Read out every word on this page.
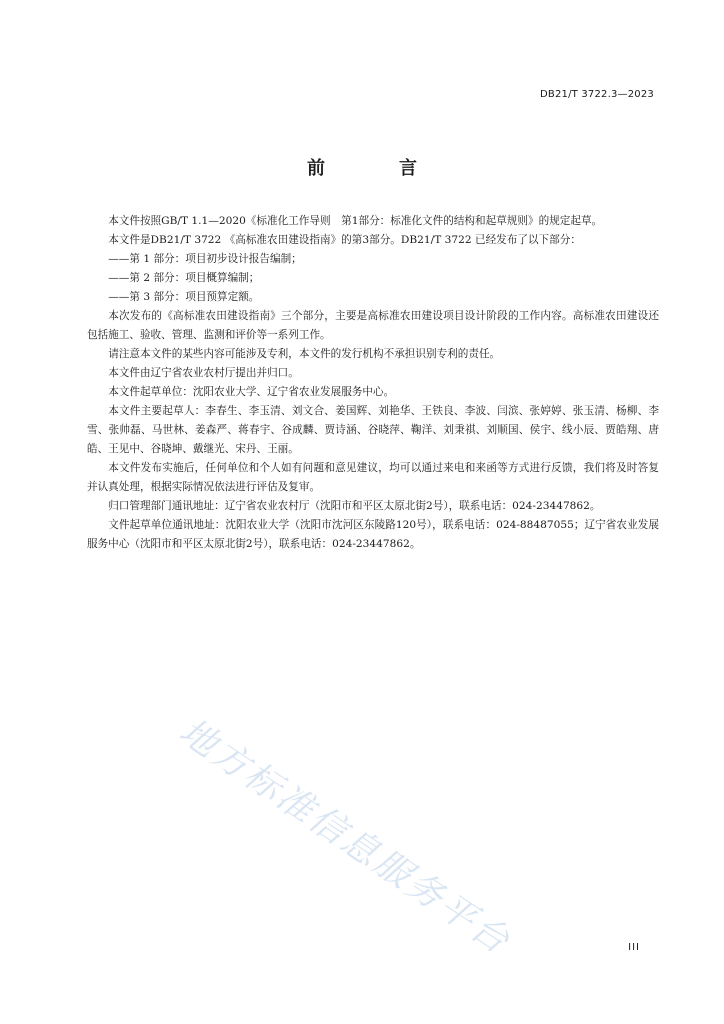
DB21/T 3722.3—2023
前　言

本文件按照GB/T 1.1—2020《标准化工作导则　第1部分：标准化文件的结构和起草规则》的规定起草。

本文件是DB21/T 3722 《高标准农田建设指南》的第3部分。DB21/T 3722 已经发布了以下部分：

——第 1 部分：项目初步设计报告编制；

——第 2 部分：项目概算编制；

——第 3 部分：项目预算定额。

本次发布的《高标准农田建设指南》三个部分，主要是高标准农田建设项目设计阶段的工作内容。高标准农田建设还包括施工、验收、管理、监测和评价等一系列工作。

请注意本文件的某些内容可能涉及专利，本文件的发行机构不承担识别专利的责任。

本文件由辽宁省农业农村厅提出并归口。

本文件起草单位：沈阳农业大学、辽宁省农业发展服务中心。

本文件主要起草人：李春生、李玉清、刘文合、姜国辉、刘艳华、王铁良、李波、闫滨、张婷婷、张玉清、杨柳、李雪、张帅磊、马世林、姜森严、蒋春宇、谷成麟、贾诗涵、谷晓萍、鞠洋、刘秉祺、刘顺国、侯宇、线小辰、贾皓翔、唐皓、王见中、谷晓坤、戴继光、宋丹、王丽。

本文件发布实施后，任何单位和个人如有问题和意见建议，均可以通过来电和来函等方式进行反馈，我们将及时答复并认真处理，根据实际情况依法进行评估及复审。

归口管理部门通讯地址：辽宁省农业农村厅（沈阳市和平区太原北街2号），联系电话：024-23447862。

文件起草单位通讯地址：沈阳农业大学（沈阳市沈河区东陵路120号），联系电话：024-88487055；辽宁省农业发展服务中心（沈阳市和平区太原北街2号），联系电话：024-23447862。

地方标准信息服务平台	III
